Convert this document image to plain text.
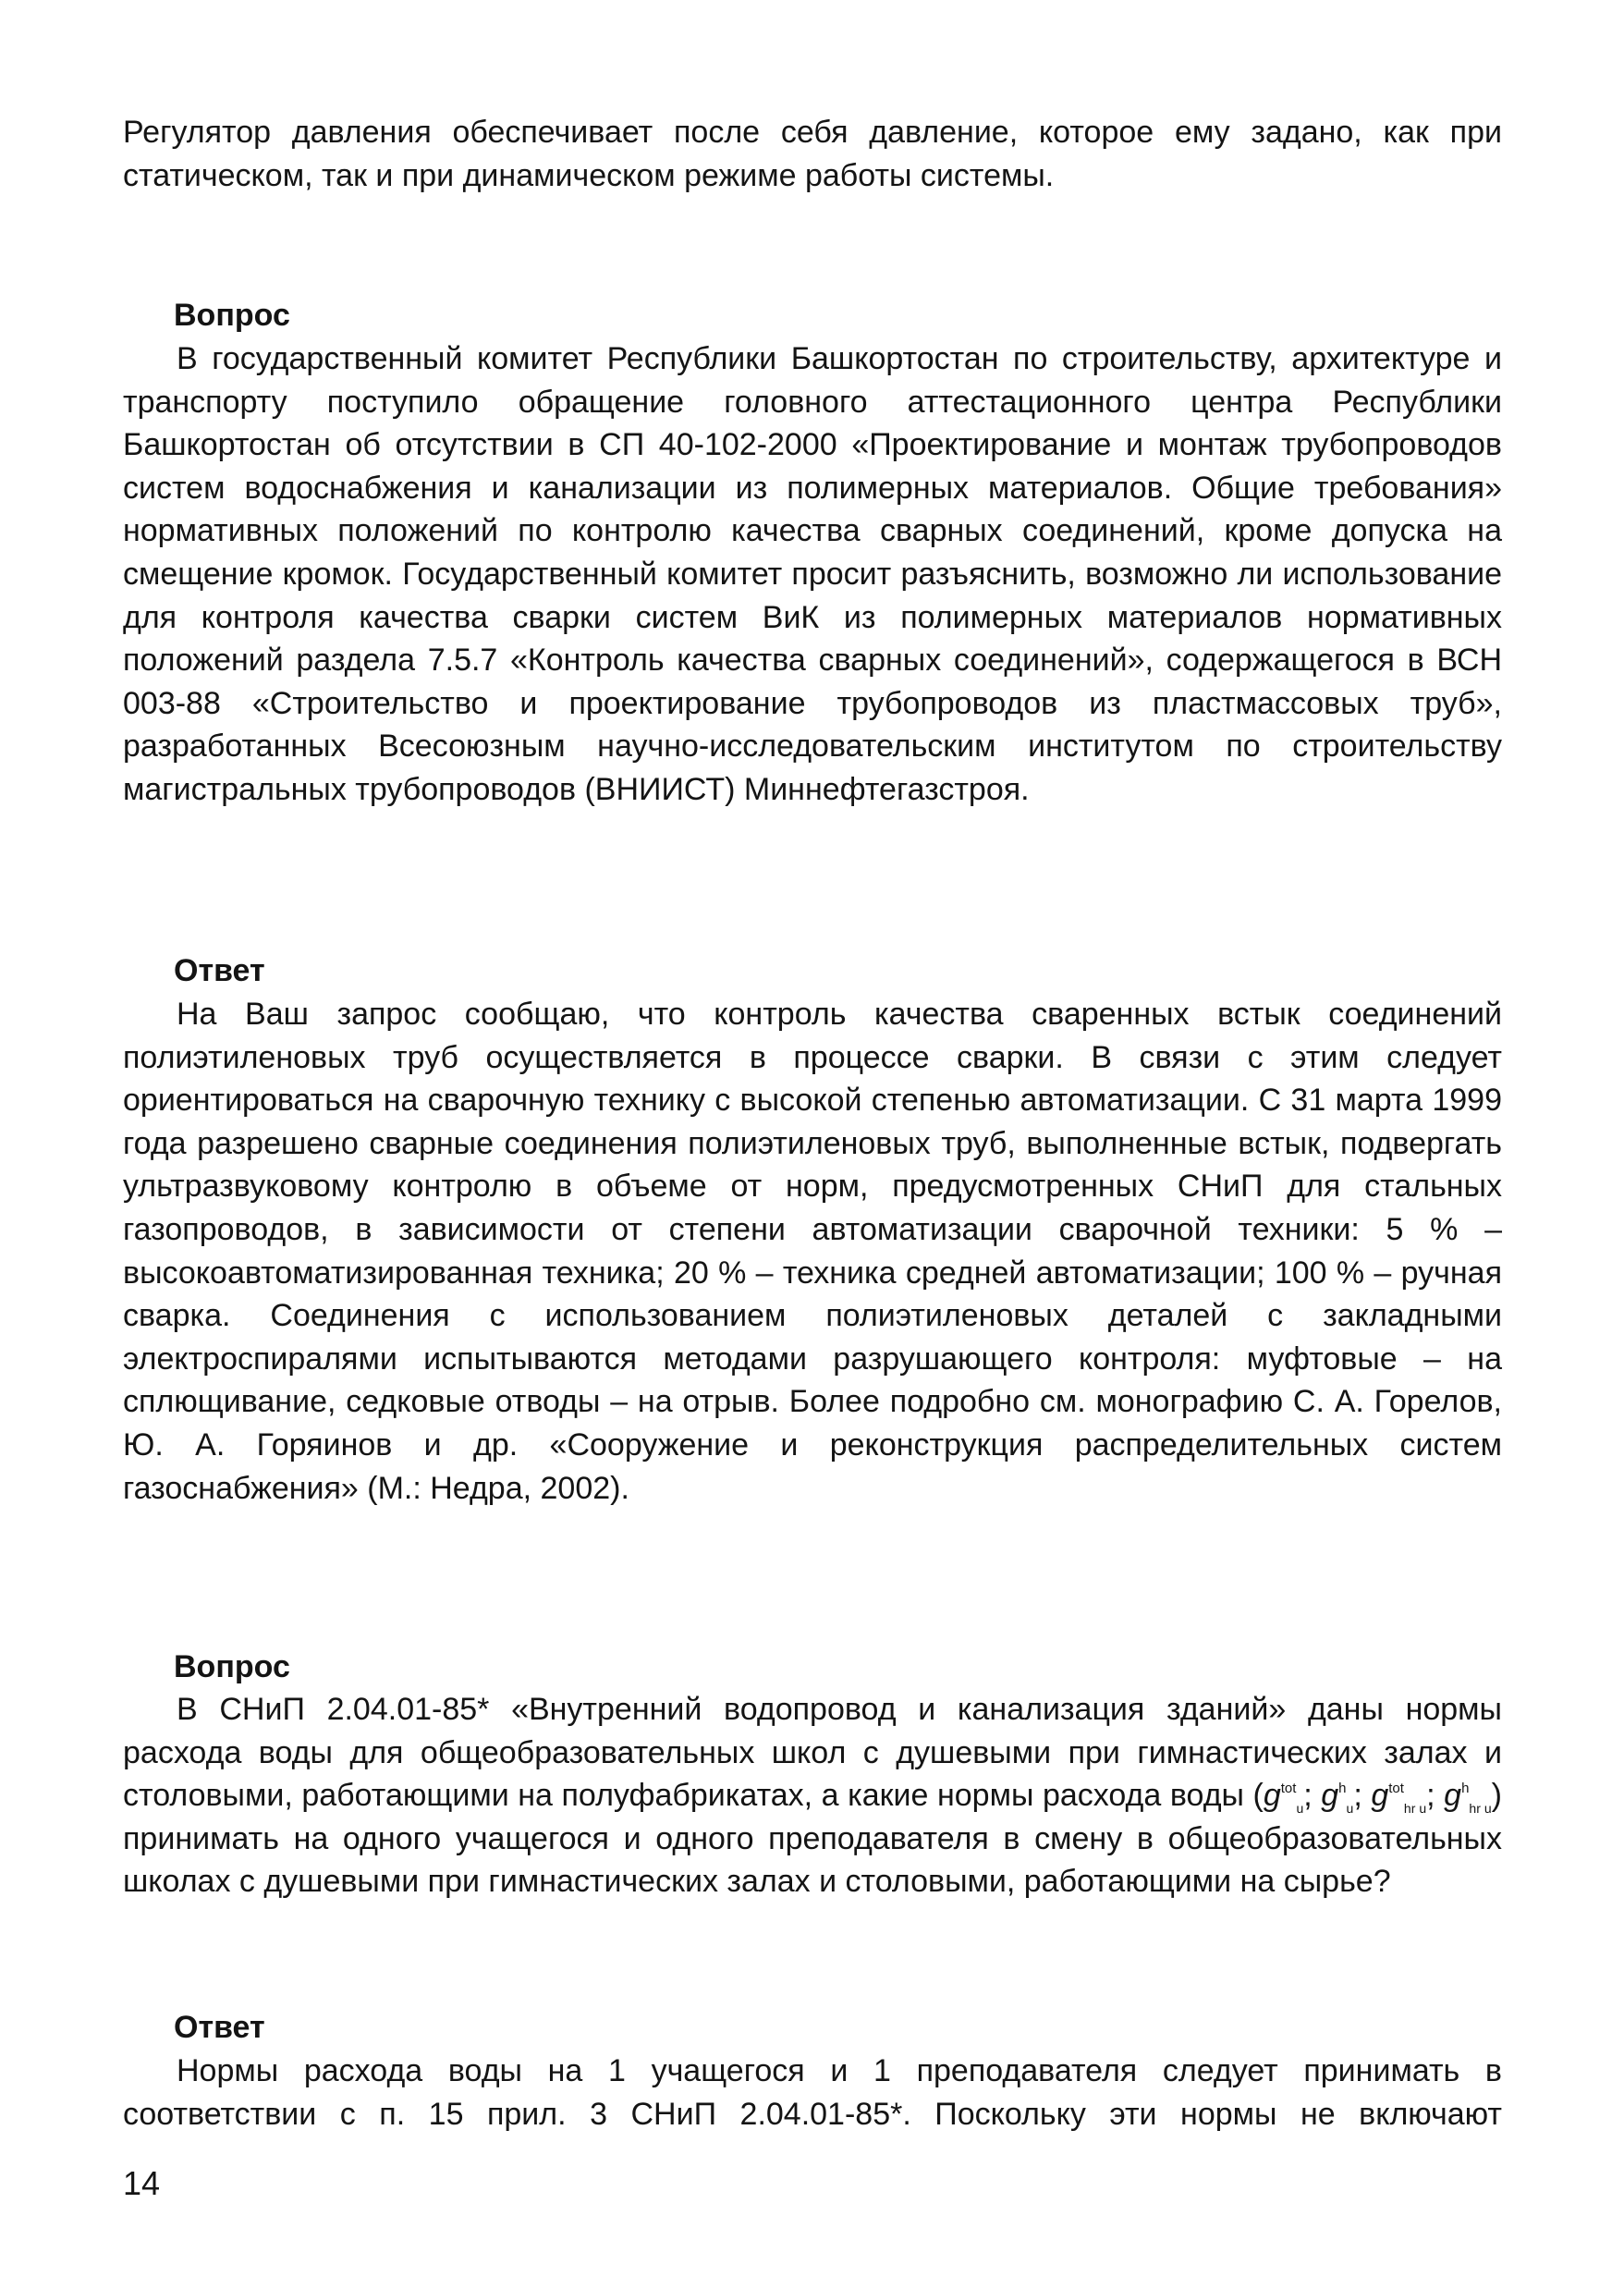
Регулятор давления обеспечивает после себя давление, которое ему задано, как при статическом, так и при динамическом режиме работы системы.

Вопрос

В государственный комитет Республики Башкортостан по строительству, архитектуре и транспорту поступило обращение головного аттестационного центра Республики Башкортостан об отсутствии в СП 40-102-2000 «Проектирование и монтаж трубопроводов систем водоснабжения и канализации из полимерных материалов. Общие требования» нормативных положений по контролю качества сварных соединений, кроме допуска на смещение кромок. Государственный комитет просит разъяснить, возможно ли использование для контроля качества сварки систем ВиК из полимерных материалов нормативных положений раздела 7.5.7 «Контроль качества сварных соединений», содержащегося в ВСН 003-88 «Строительство и проектирование трубопроводов из пластмассовых труб», разработанных Всесоюзным научно-исследовательским институтом по строительству магистральных трубопроводов (ВНИИСТ) Миннефтегазстроя.

Ответ

На Ваш запрос сообщаю, что контроль качества сваренных встык соединений полиэтиленовых труб осуществляется в процессе сварки. В связи с этим следует ориентироваться на сварочную технику с высокой степенью автоматизации. С 31 марта 1999 года разрешено сварные соединения полиэтиленовых труб, выполненные встык, подвергать ультразвуковому контролю в объеме от норм, предусмотренных СНиП для стальных газопроводов, в зависимости от степени автоматизации сварочной техники: 5 % – высокоавтоматизированная техника; 20 % – техника средней автоматизации; 100 % – ручная сварка. Соединения с использованием полиэтиленовых деталей с закладными электроспиралями испытываются методами разрушающего контроля: муфтовые – на сплющивание, седковые отводы – на отрыв. Более подробно см. монографию С. А. Горелов, Ю. А. Горяинов и др. «Сооружение и реконструкция распределительных систем газоснабжения» (М.: Недра, 2002).

Вопрос

В СНиП 2.04.01-85* «Внутренний водопровод и канализация зданий» даны нормы расхода воды для общеобразовательных школ с душевыми при гимнастических залах и столовыми, работающими на полуфабрикатах, а какие нормы расхода воды ($g^{tot}_u$; $g^h_u$; $g^{tot}_{hr u}$; $g^h_{hr u}$) принимать на одного учащегося и одного преподавателя в смену в общеобразовательных школах с душевыми при гимнастических залах и столовыми, работающими на сырье?

Ответ

Нормы расхода воды на 1 учащегося и 1 преподавателя следует принимать в соответствии с п. 15 прил. 3 СНиП 2.04.01-85*. Поскольку эти нормы не включают

14
